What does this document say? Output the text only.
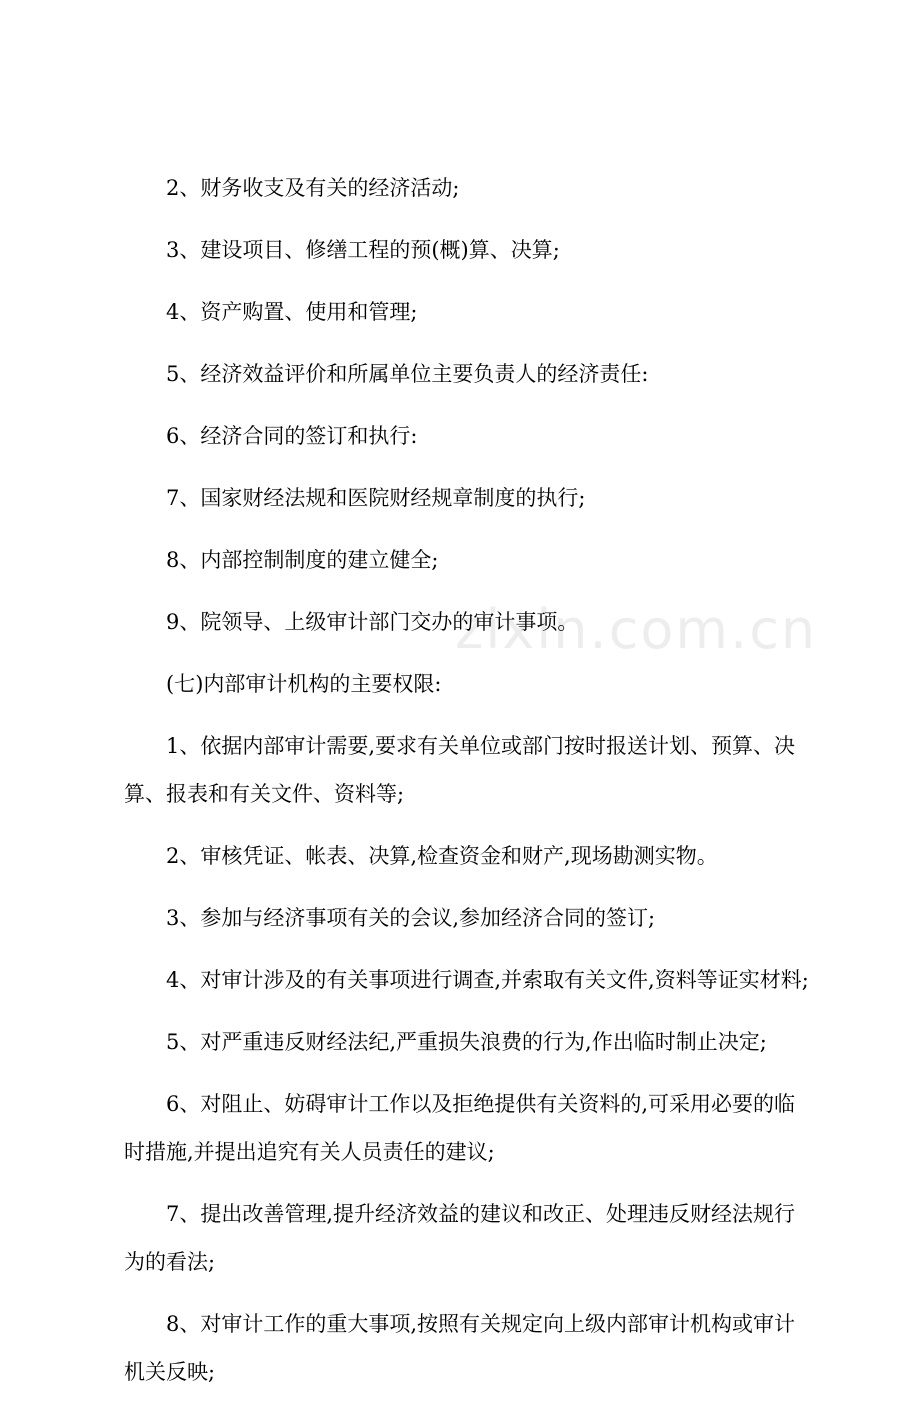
zixin.com.cn

2、财务收支及有关的经济活动;

3、建设项目、修缮工程的预(概)算、决算;

4、资产购置、使用和管理;

5、经济效益评价和所属单位主要负责人的经济责任:

6、经济合同的签订和执行:

7、国家财经法规和医院财经规章制度的执行;

8、内部控制制度的建立健全;

9、院领导、上级审计部门交办的审计事项。

(七)内部审计机构的主要权限:

1、依据内部审计需要,要求有关单位或部门按时报送计划、预算、决算、报表和有关文件、资料等;

2、审核凭证、帐表、决算,检查资金和财产,现场勘测实物。

3、参加与经济事项有关的会议,参加经济合同的签订;

4、对审计涉及的有关事项进行调查,并索取有关文件,资料等证实材料;

5、对严重违反财经法纪,严重损失浪费的行为,作出临时制止决定;

6、对阻止、妨碍审计工作以及拒绝提供有关资料的,可采用必要的临时措施,并提出追究有关人员责任的建议;

7、提出改善管理,提升经济效益的建议和改正、处理违反财经法规行为的看法;

8、对审计工作的重大事项,按照有关规定向上级内部审计机构或审计机关反映;
